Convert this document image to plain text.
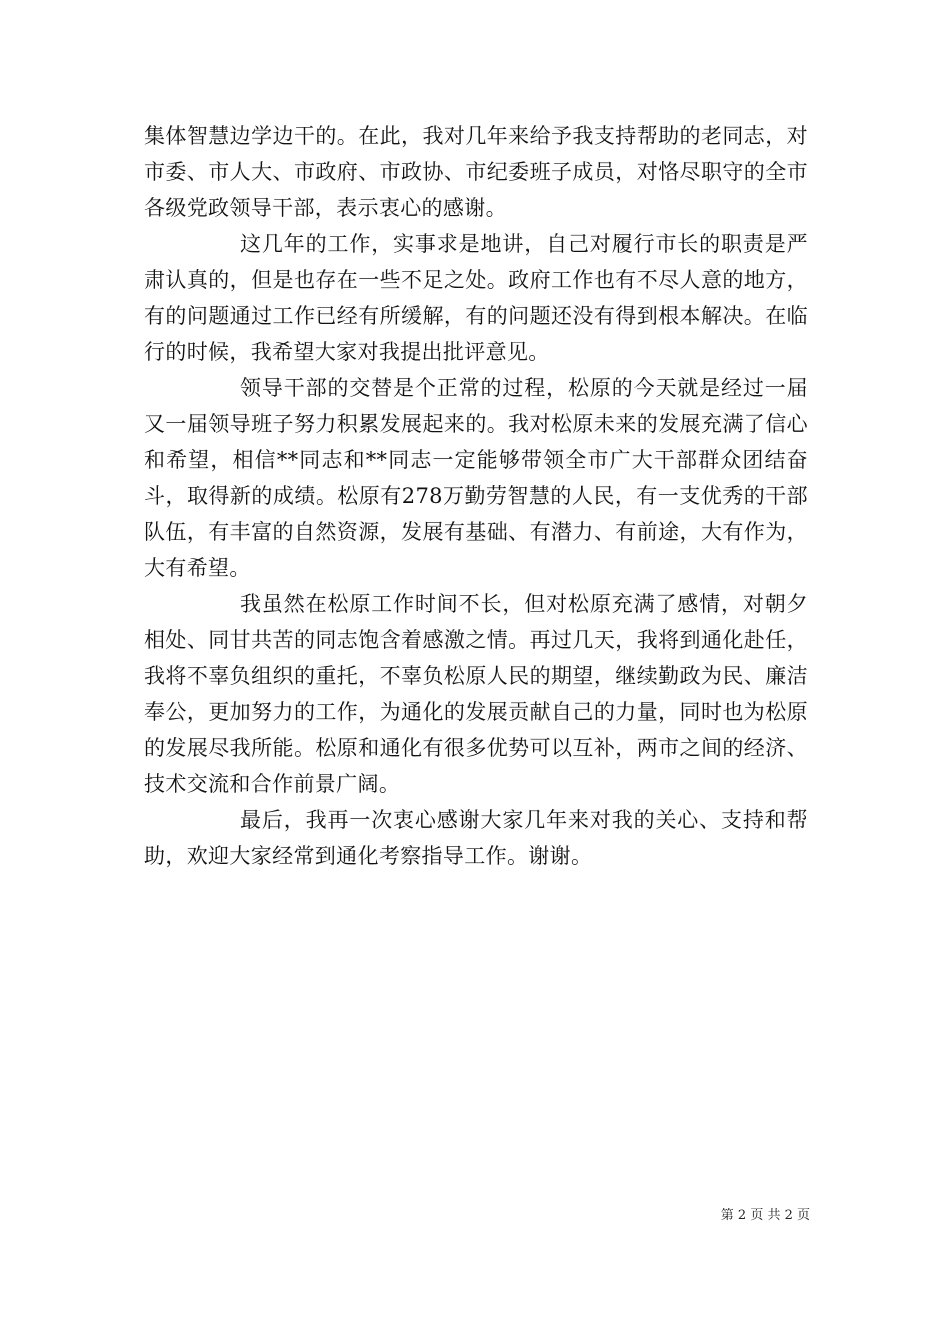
集体智慧边学边干的。在此，我对几年来给予我支持帮助的老同志，对市委、市人大、市政府、市政协、市纪委班子成员，对恪尽职守的全市各级党政领导干部，表示衷心的感谢。

这几年的工作，实事求是地讲，自己对履行市长的职责是严肃认真的，但是也存在一些不足之处。政府工作也有不尽人意的地方，有的问题通过工作已经有所缓解，有的问题还没有得到根本解决。在临行的时候，我希望大家对我提出批评意见。

领导干部的交替是个正常的过程，松原的今天就是经过一届又一届领导班子努力积累发展起来的。我对松原未来的发展充满了信心和希望，相信**同志和**同志一定能够带领全市广大干部群众团结奋斗，取得新的成绩。松原有278万勤劳智慧的人民，有一支优秀的干部队伍，有丰富的自然资源，发展有基础、有潜力、有前途，大有作为，大有希望。

我虽然在松原工作时间不长，但对松原充满了感情，对朝夕相处、同甘共苦的同志饱含着感激之情。再过几天，我将到通化赴任，我将不辜负组织的重托，不辜负松原人民的期望，继续勤政为民、廉洁奉公，更加努力的工作，为通化的发展贡献自己的力量，同时也为松原的发展尽我所能。松原和通化有很多优势可以互补，两市之间的经济、技术交流和合作前景广阔。

最后，我再一次衷心感谢大家几年来对我的关心、支持和帮助，欢迎大家经常到通化考察指导工作。谢谢。

第 2 页 共 2 页
